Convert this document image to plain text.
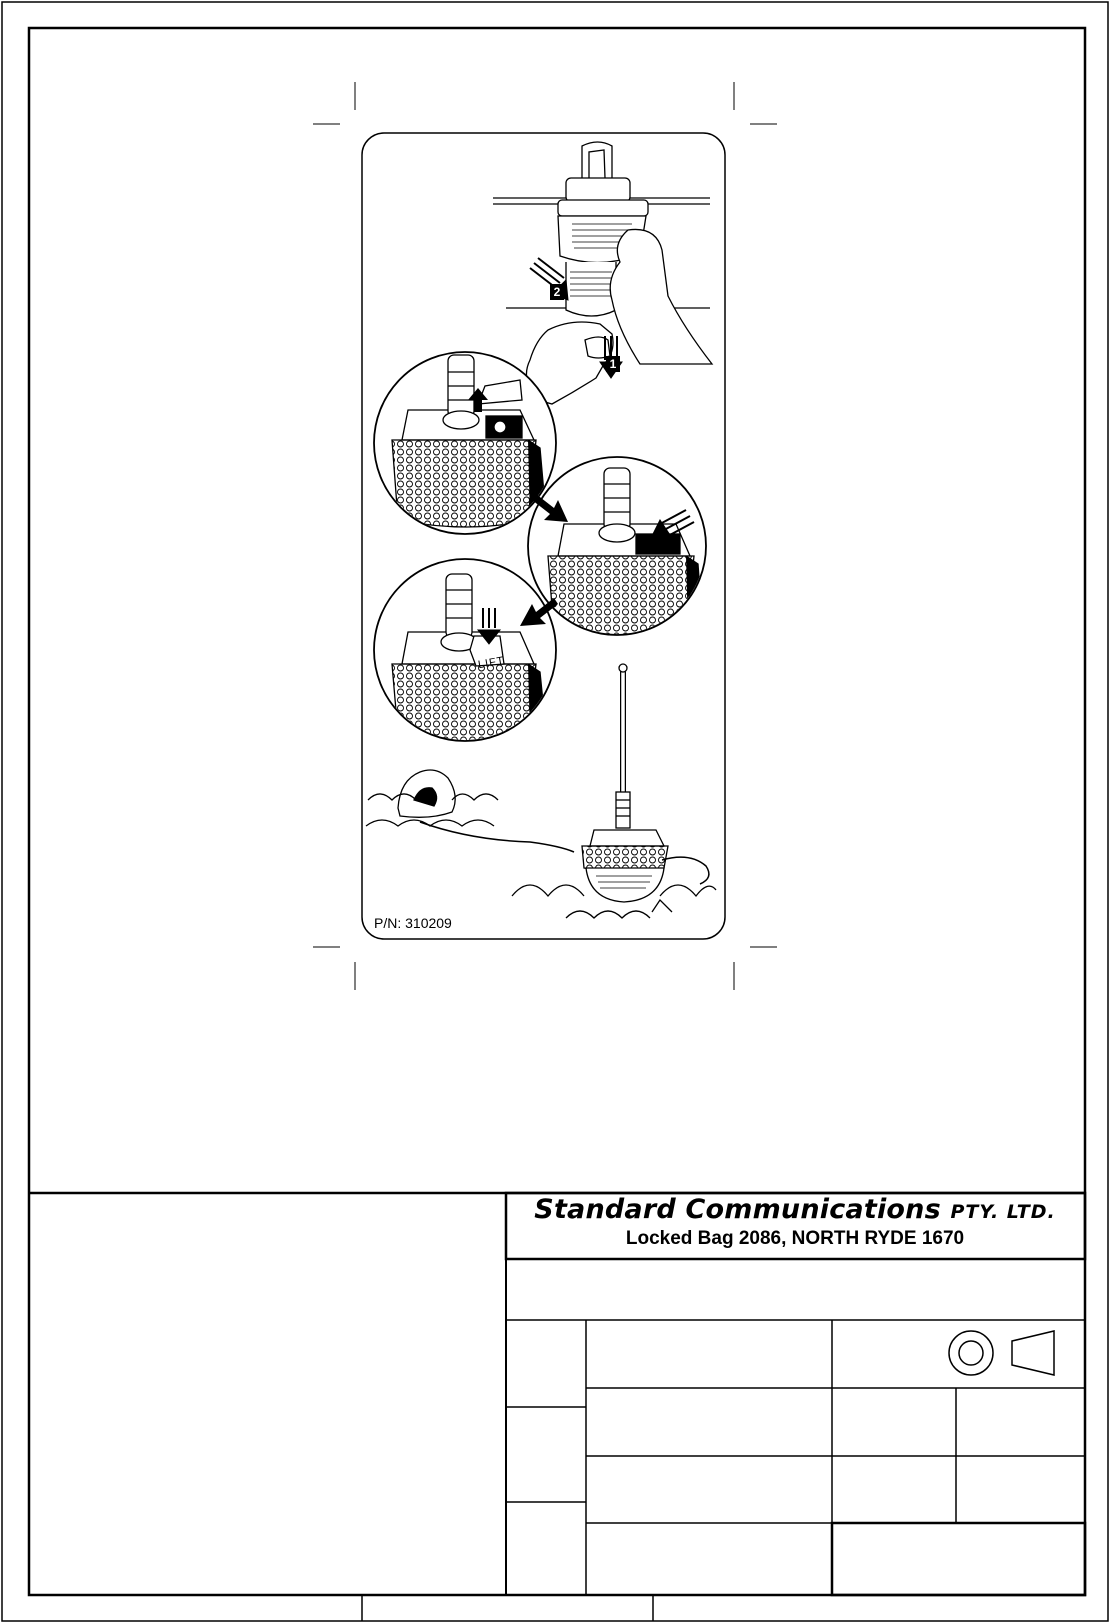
P/N: 310209
LIFT
1
2
Standard Communications PTY. LTD.
Locked Bag 2086, NORTH RYDE 1670
